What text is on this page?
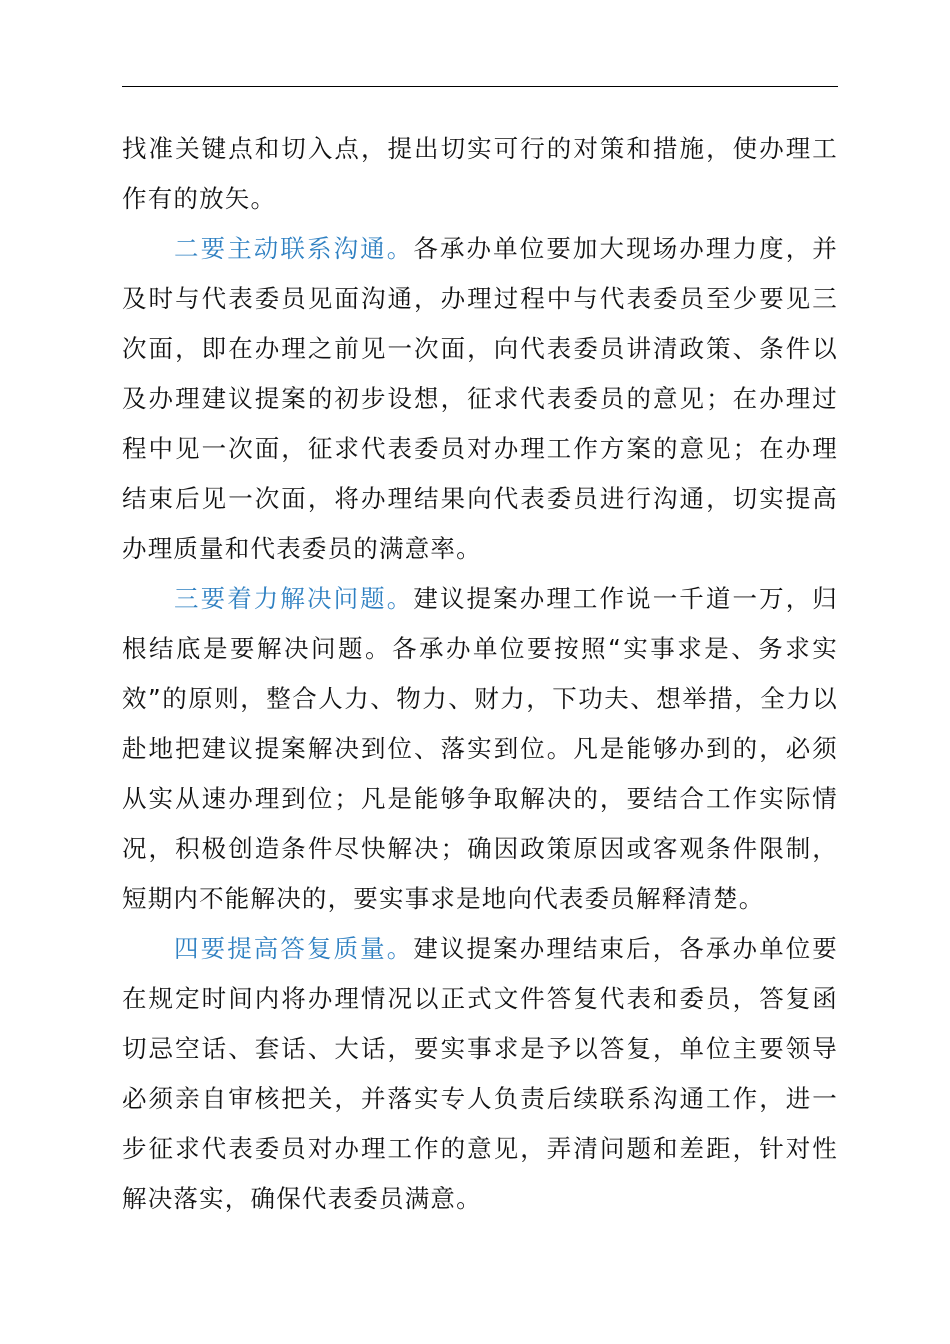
找准关键点和切入点，提出切实可行的对策和措施，使办理工作有的放矢。

二要主动联系沟通。各承办单位要加大现场办理力度，并及时与代表委员见面沟通，办理过程中与代表委员至少要见三次面，即在办理之前见一次面，向代表委员讲清政策、条件以及办理建议提案的初步设想，征求代表委员的意见；在办理过程中见一次面，征求代表委员对办理工作方案的意见；在办理结束后见一次面，将办理结果向代表委员进行沟通，切实提高办理质量和代表委员的满意率。

三要着力解决问题。建议提案办理工作说一千道一万，归根结底是要解决问题。各承办单位要按照“实事求是、务求实效”的原则，整合人力、物力、财力，下功夫、想举措，全力以赴地把建议提案解决到位、落实到位。凡是能够办到的，必须从实从速办理到位；凡是能够争取解决的，要结合工作实际情况，积极创造条件尽快解决；确因政策原因或客观条件限制，短期内不能解决的，要实事求是地向代表委员解释清楚。

四要提高答复质量。建议提案办理结束后，各承办单位要在规定时间内将办理情况以正式文件答复代表和委员，答复函切忌空话、套话、大话，要实事求是予以答复，单位主要领导必须亲自审核把关，并落实专人负责后续联系沟通工作，进一步征求代表委员对办理工作的意见，弄清问题和差距，针对性解决落实，确保代表委员满意。
